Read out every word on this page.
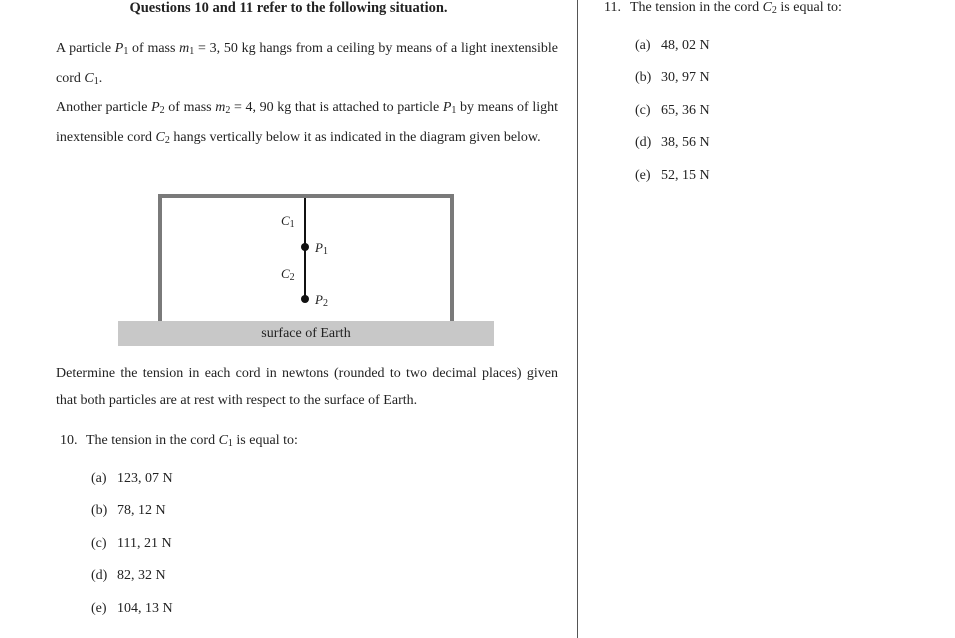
Questions 10 and 11 refer to the following situation.
A particle $P_1$ of mass $m_1 = 3$, 50 kg hangs from a ceiling by means of a light inextensible cord $C_1$.
Another particle $P_2$ of mass $m_2 = 4$, 90 kg that is attached to particle $P_1$ by means of light inextensible cord $C_2$ hangs vertically below it as indicated in the diagram given below.
$C_1$
$C_2$
$P_1$
$P_2$
surface of Earth
Determine the tension in each cord in newtons (rounded to two decimal places) given that both particles are at rest with respect to the surface of Earth.
10. The tension in the cord $C_1$ is equal to:
(a) 123, 07 N
(b) 78, 12 N
(c) 111, 21 N
(d) 82, 32 N
(e) 104, 13 N
11. The tension in the cord $C_2$ is equal to:
(a) 48, 02 N
(b) 30, 97 N
(c) 65, 36 N
(d) 38, 56 N
(e) 52, 15 N
